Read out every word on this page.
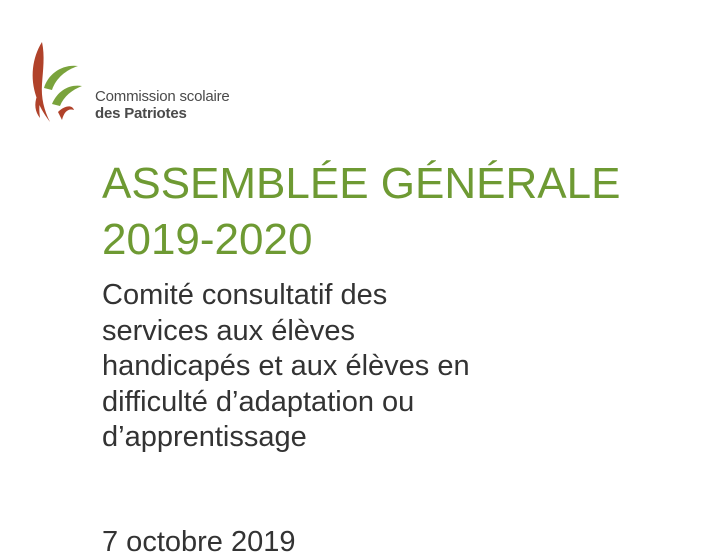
Commission scolaire
des Patriotes
ASSEMBLÉE GÉNÉRALE
2019-2020
Comité consultatif des
services aux élèves
handicapés et aux élèves en
difficulté d’adaptation ou
d’apprentissage

7 octobre 2019
